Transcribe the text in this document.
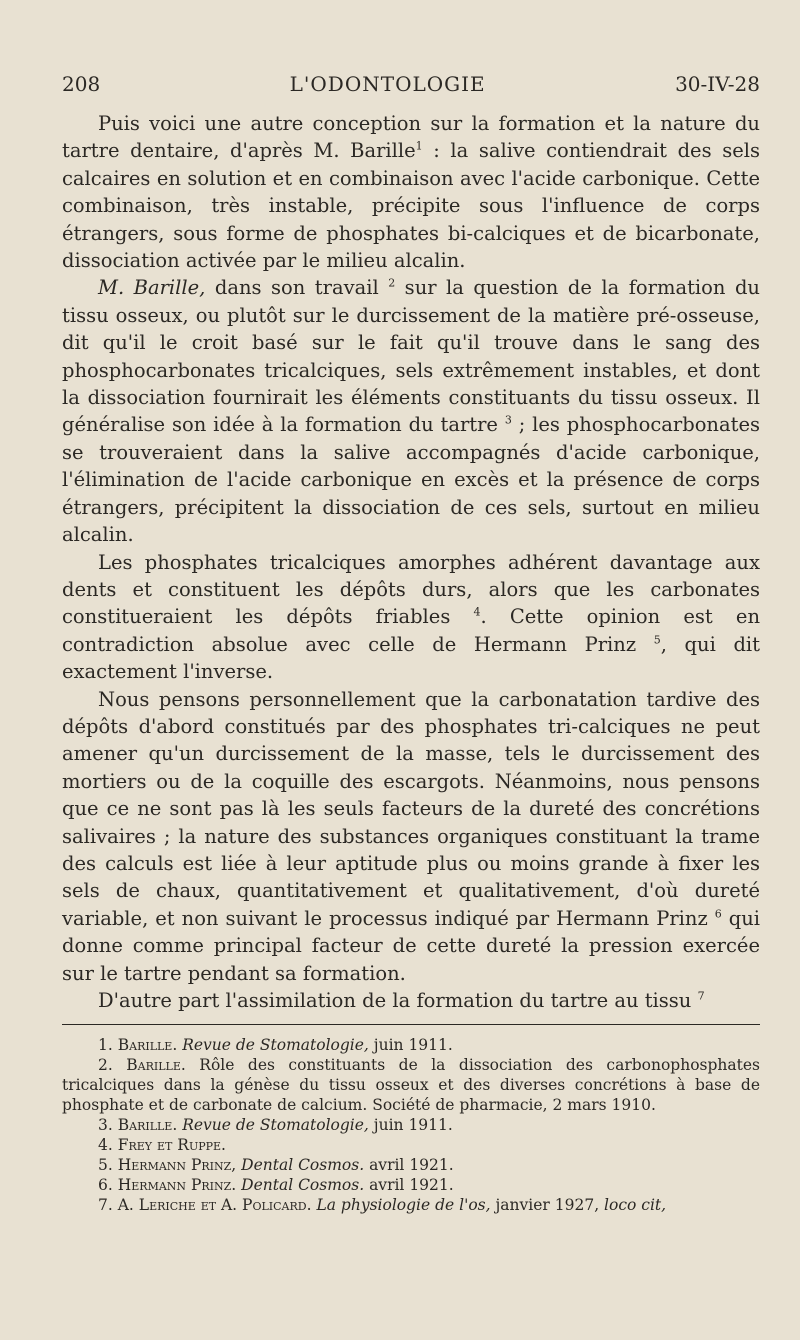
208	L'ODONTOLOGIE	30-IV-28

Puis voici une autre conception sur la formation et la nature du tartre dentaire, d'après M. Barille$^1$ : la salive contiendrait des sels calcaires en solution et en combinaison avec l'acide carbonique. Cette combinaison, très instable, précipite sous l'influence de corps étrangers, sous forme de phosphates bi-calciques et de bicarbonate, dissociation activée par le milieu alcalin.

M. Barille, dans son travail $^2$ sur la question de la formation du tissu osseux, ou plutôt sur le durcissement de la matière pré-osseuse, dit qu'il le croit basé sur le fait qu'il trouve dans le sang des phosphocarbonates tricalciques, sels extrêmement instables, et dont la dissociation fournirait les éléments constituants du tissu osseux. Il généralise son idée à la formation du tartre $^3$ ; les phosphocarbonates se trouveraient dans la salive accompagnés d'acide carbonique, l'élimination de l'acide carbonique en excès et la présence de corps étrangers, précipitent la dissociation de ces sels, surtout en milieu alcalin.

Les phosphates tricalciques amorphes adhérent davantage aux dents et constituent les dépôts durs, alors que les carbonates constitueraient les dépôts friables $^4$. Cette opinion est en contradiction absolue avec celle de Hermann Prinz $^5$, qui dit exactement l'inverse.

Nous pensons personnellement que la carbonatation tardive des dépôts d'abord constitués par des phosphates tri-calciques ne peut amener qu'un durcissement de la masse, tels le durcissement des mortiers ou de la coquille des escargots. Néanmoins, nous pensons que ce ne sont pas là les seuls facteurs de la dureté des concrétions salivaires ; la nature des substances organiques constituant la trame des calculs est liée à leur aptitude plus ou moins grande à fixer les sels de chaux, quantitativement et qualitativement, d'où dureté variable, et non suivant le processus indiqué par Hermann Prinz $^6$ qui donne comme principal facteur de cette dureté la pression exercée sur le tartre pendant sa formation.

D'autre part l'assimilation de la formation du tartre au tissu $^7$

1. Barille. Revue de Stomatologie, juin 1911.
2. Barille. Rôle des constituants de la dissociation des carbonophosphates tricalciques dans la génèse du tissu osseux et des diverses concrétions à base de phosphate et de carbonate de calcium. Société de pharmacie, 2 mars 1910.
3. Barille. Revue de Stomatologie, juin 1911.
4. Frey et Ruppe.
5. Hermann Prinz, Dental Cosmos. avril 1921.
6. Hermann Prinz. Dental Cosmos. avril 1921.
7. A. Leriche et A. Policard. La physiologie de l'os, janvier 1927, loco cit,
